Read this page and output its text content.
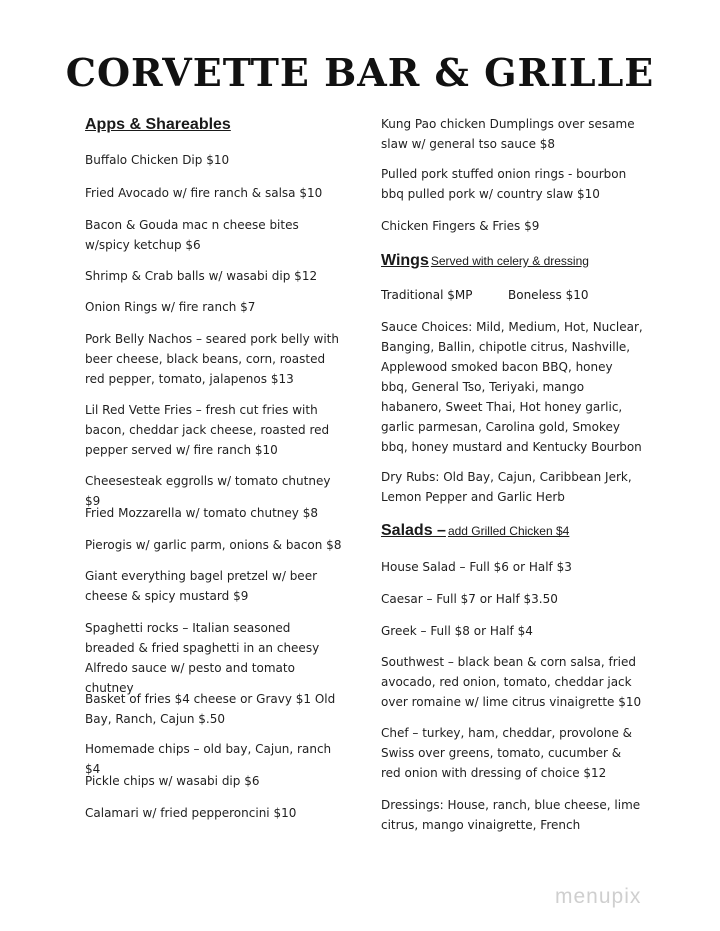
CORVETTE BAR & GRILLE
Apps & Shareables
Buffalo Chicken Dip $10
Fried Avocado w/ fire ranch & salsa $10
Bacon & Gouda mac n cheese bites w/spicy ketchup $6
Shrimp & Crab balls w/ wasabi dip $12
Onion Rings w/ fire ranch $7
Pork Belly Nachos – seared pork belly with beer cheese, black beans, corn, roasted red pepper, tomato, jalapenos $13
Lil Red Vette Fries – fresh cut fries with bacon, cheddar jack cheese, roasted red pepper served w/ fire ranch $10
Cheesesteak eggrolls w/ tomato chutney $9
Fried Mozzarella w/ tomato chutney $8
Pierogis w/ garlic parm, onions & bacon $8
Giant everything bagel pretzel w/ beer cheese & spicy mustard $9
Spaghetti rocks – Italian seasoned breaded & fried spaghetti in an cheesy Alfredo sauce w/ pesto and tomato chutney
Basket of fries $4 cheese or Gravy $1 Old Bay, Ranch, Cajun $.50
Homemade chips – old bay, Cajun, ranch $4
Pickle chips w/ wasabi dip $6
Calamari w/ fried pepperoncini $10
Kung Pao chicken Dumplings over sesame slaw w/ general tso sauce $8
Pulled pork stuffed onion rings - bourbon bbq pulled pork w/ country slaw $10
Chicken Fingers & Fries $9
Wings Served with celery & dressing
Traditional $MP	Boneless $10
Sauce Choices: Mild, Medium, Hot, Nuclear, Banging, Ballin, chipotle citrus, Nashville, Applewood smoked bacon BBQ, honey bbq, General Tso, Teriyaki, mango habanero, Sweet Thai, Hot honey garlic, garlic parmesan, Carolina gold, Smokey bbq, honey mustard and Kentucky Bourbon
Dry Rubs: Old Bay, Cajun, Caribbean Jerk, Lemon Pepper and Garlic Herb
Salads – add Grilled Chicken $4
House Salad – Full $6 or Half $3
Caesar – Full $7 or Half $3.50
Greek – Full $8 or Half $4
Southwest – black bean & corn salsa, fried avocado, red onion, tomato, cheddar jack over romaine w/ lime citrus vinaigrette $10
Chef – turkey, ham, cheddar, provolone & Swiss over greens, tomato, cucumber & red onion with dressing of choice $12
Dressings: House, ranch, blue cheese, lime citrus, mango vinaigrette, French
menupix
